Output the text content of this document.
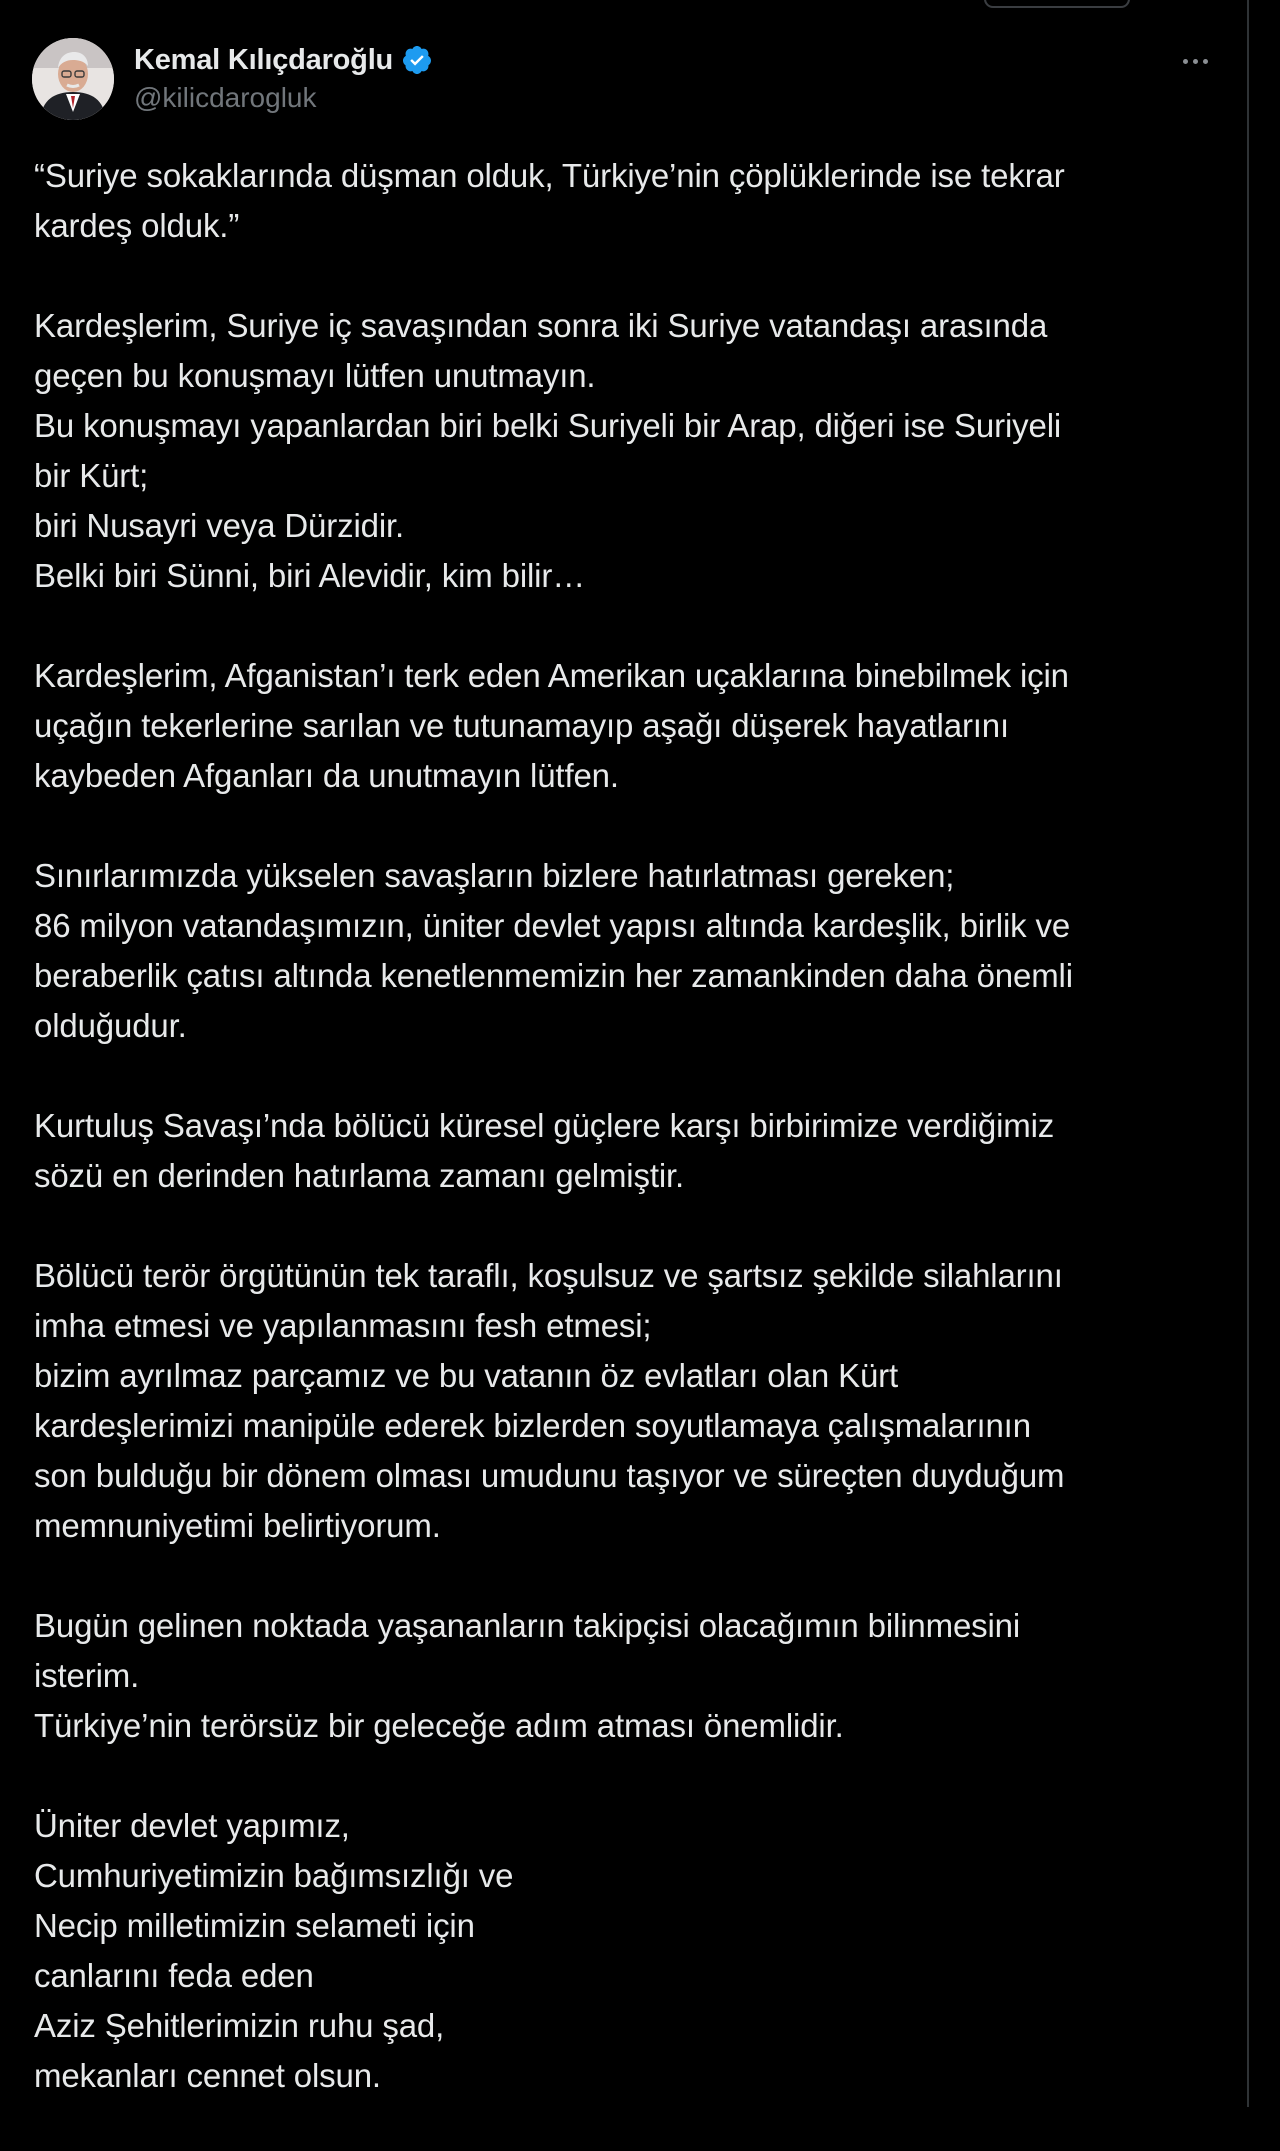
Kemal Kılıçdaroğlu
@kilicdarogluk
“Suriye sokaklarında düşman olduk, Türkiye’nin çöplüklerinde ise tekrar
kardeş olduk.”
Kardeşlerim, Suriye iç savaşından sonra iki Suriye vatandaşı arasında
geçen bu konuşmayı lütfen unutmayın.
Bu konuşmayı yapanlardan biri belki Suriyeli bir Arap, diğeri ise Suriyeli
bir Kürt;
biri Nusayri veya Dürzidir.
Belki biri Sünni, biri Alevidir, kim bilir…
Kardeşlerim, Afganistan’ı terk eden Amerikan uçaklarına binebilmek için
uçağın tekerlerine sarılan ve tutunamayıp aşağı düşerek hayatlarını
kaybeden Afganları da unutmayın lütfen.
Sınırlarımızda yükselen savaşların bizlere hatırlatması gereken;
86 milyon vatandaşımızın, üniter devlet yapısı altında kardeşlik, birlik ve
beraberlik çatısı altında kenetlenmemizin her zamankinden daha önemli
olduğudur.
Kurtuluş Savaşı’nda bölücü küresel güçlere karşı birbirimize verdiğimiz
sözü en derinden hatırlama zamanı gelmiştir.
Bölücü terör örgütünün tek taraflı, koşulsuz ve şartsız şekilde silahlarını
imha etmesi ve yapılanmasını fesh etmesi;
bizim ayrılmaz parçamız ve bu vatanın öz evlatları olan Kürt
kardeşlerimizi manipüle ederek bizlerden soyutlamaya çalışmalarının
son bulduğu bir dönem olması umudunu taşıyor ve süreçten duyduğum
memnuniyetimi belirtiyorum.
Bugün gelinen noktada yaşananların takipçisi olacağımın bilinmesini
isterim.
Türkiye’nin terörsüz bir geleceğe adım atması önemlidir.
Üniter devlet yapımız,
Cumhuriyetimizin bağımsızlığı ve
Necip milletimizin selameti için
canlarını feda eden
Aziz Şehitlerimizin ruhu şad,
mekanları cennet olsun.
